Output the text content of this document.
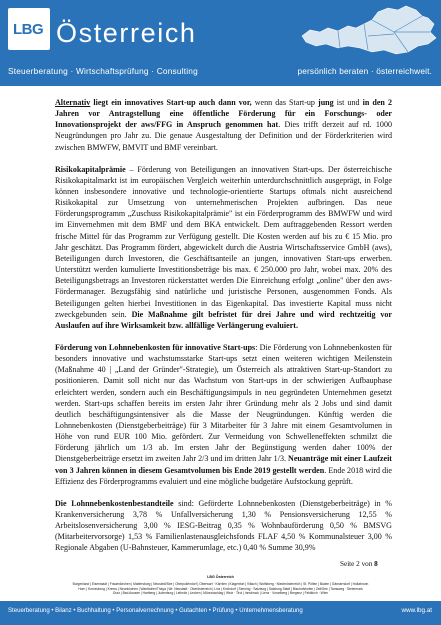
LBG Österreich
Steuerberatung · Wirtschaftsprüfung · Consulting	persönlich beraten · österreichweit.

Alternativ liegt ein innovatives Start-up auch dann vor, wenn das Start-up jung ist und in den 2 Jahren vor Antragstellung eine öffentliche Förderung für ein Forschungs- oder Innovationsprojekt der aws/FFG in Anspruch genommen hat. Dies trifft derzeit auf rd. 1000 Neugründungen pro Jahr zu. Die genaue Ausgestaltung der Definition und der Förderkriterien wird zwischen BMWFW, BMVIT und BMF vereinbart.

Risikokapitalprämie – Förderung von Beteiligungen an innovativen Start-ups. Der österreichische Risikokapitalmarkt ist im europäischen Vergleich weiterhin unterdurchschnittlich ausgeprägt, in Folge können insbesondere innovative und technologie-orientierte Startups oftmals nicht ausreichend Risikokapital zur Umsetzung von unternehmerischen Projekten aufbringen. Das neue Förderungsprogramm „Zuschuss Risikokapitalprämie" ist ein Förderprogramm des BMWFW und wird im Einvernehmen mit dem BMF und dem BKA entwickelt. Dem auftraggebenden Ressort werden frische Mittel für das Programm zur Verfügung gestellt. Die Kosten werden auf bis zu € 15 Mio. pro Jahr geschätzt. Das Programm fördert, abgewickelt durch die Austria Wirtschaftsservice GmbH (aws), Beteiligungen durch Investoren, die Geschäftsanteile an jungen, innovativen Start-ups erwerben. Unterstützt werden kumulierte Investitionsbeträge bis max. € 250.000 pro Jahr, wobei max. 20% des Beteiligungsbetrags an Investoren rückerstattet werden Die Einreichung erfolgt „online" über den aws-Fördermanager. Bezugsfähig sind natürliche und juristische Personen, ausgenommen Fonds. Als Beteiligungen gelten hierbei Investitionen in das Eigenkapital. Das investierte Kapital muss nicht zweckgebunden sein. Die Maßnahme gilt befristet für drei Jahre und wird rechtzeitig vor Auslaufen auf ihre Wirksamkeit bzw. allfällige Verlängerung evaluiert.

Förderung von Lohnnebenkosten für innovative Start-ups: Die Förderung von Lohnnebenkosten für besonders innovative und wachstumsstarke Start-ups setzt einen weiteren wichtigen Meilenstein (Maßnahme 40 | „Land der Gründer"-Strategie), um Österreich als attraktiven Start-up-Standort zu positionieren. Damit soll nicht nur das Wachstum von Start-ups in der schwierigen Aufbauphase erleichtert werden, sondern auch ein Beschäftigungsimpuls in neu gegründeten Unternehmen gesetzt werden. Start-ups schaffen bereits im ersten Jahr ihrer Gründung mehr als 2 Jobs und sind damit deutlich beschäftigungsintensiver als die Masse der Neugründungen. Künftig werden die Lohnnebenkosten (Dienstgeberbeiträge) für 3 Mitarbeiter für 3 Jahre mit einem Gesamtvolumen in Höhe von rund EUR 100 Mio. gefördert. Zur Vermeidung von Schwelleneffekten schmilzt die Förderung jährlich um 1/3 ab. Im ersten Jahr der Begünstigung werden daher 100% der Dienstgeberbeiträge ersetzt im zweiten Jahr 2/3 und im dritten Jahr 1/3. Neuanträge mit einer Laufzeit von 3 Jahren können in diesem Gesamtvolumen bis Ende 2019 gestellt werden. Ende 2018 wird die Effizienz des Förderprogramms evaluiert und eine mögliche budgetäre Aufstockung geprüft.

Die Lohnnebenkostenbestandteile sind: Geförderte Lohnnebenkosten (Dienstgeberbeiträge) in % Krankenversicherung 3,78 % Unfallversicherung 1,30 % Pensionsversicherung 12,55 % Arbeitslosenversicherung 3,00 % IESG-Beitrag 0,35 % Wohnbauförderung 0,50 % BMSVG (Mitarbeitervorsorge) 1,53 % Familienlastenausgleichsfonds FLAF 4,50 % Kommunalsteuer 3,00 % Regionale Abgaben (U-Bahnsteuer, Kammerumlage, etc.) 0,40 % Summe 30,9%

Seite 2 von 8
LBG Österreich
Burgenland | Eisenstadt | Frauenkirchen | Mattersburg | Neusiedl/See | Oberpullendorf | Oberwart · Kärnten | Klagenfurt | Villach | Wolfsberg · Niederösterreich | St. Pölten | Baden | Gänserndorf | Hollabrunn
Horn | Korneuburg | Krems | Neunkirchen | Waidhofen/Thaya | Wr. Neustadt · Oberösterreich | Linz | Kirchdorf | Sierning · Salzburg | Salzburg Stadt | Bischofshofen | Zell/See | Tamsweg · Steiermark
Graz | Bad Aussee | Hartberg | Judenburg | Leibnitz | Leoben | Mürzzuschlag | Weiz · Tirol | Innsbruck | Lienz · Vorarlberg | Bregenz | Feldkirch · Wien
Steuerberatung • Bilanz • Buchhaltung • Personalverrechnung • Gutachten • Prüfung • Unternehmensberatung	www.lbg.at
